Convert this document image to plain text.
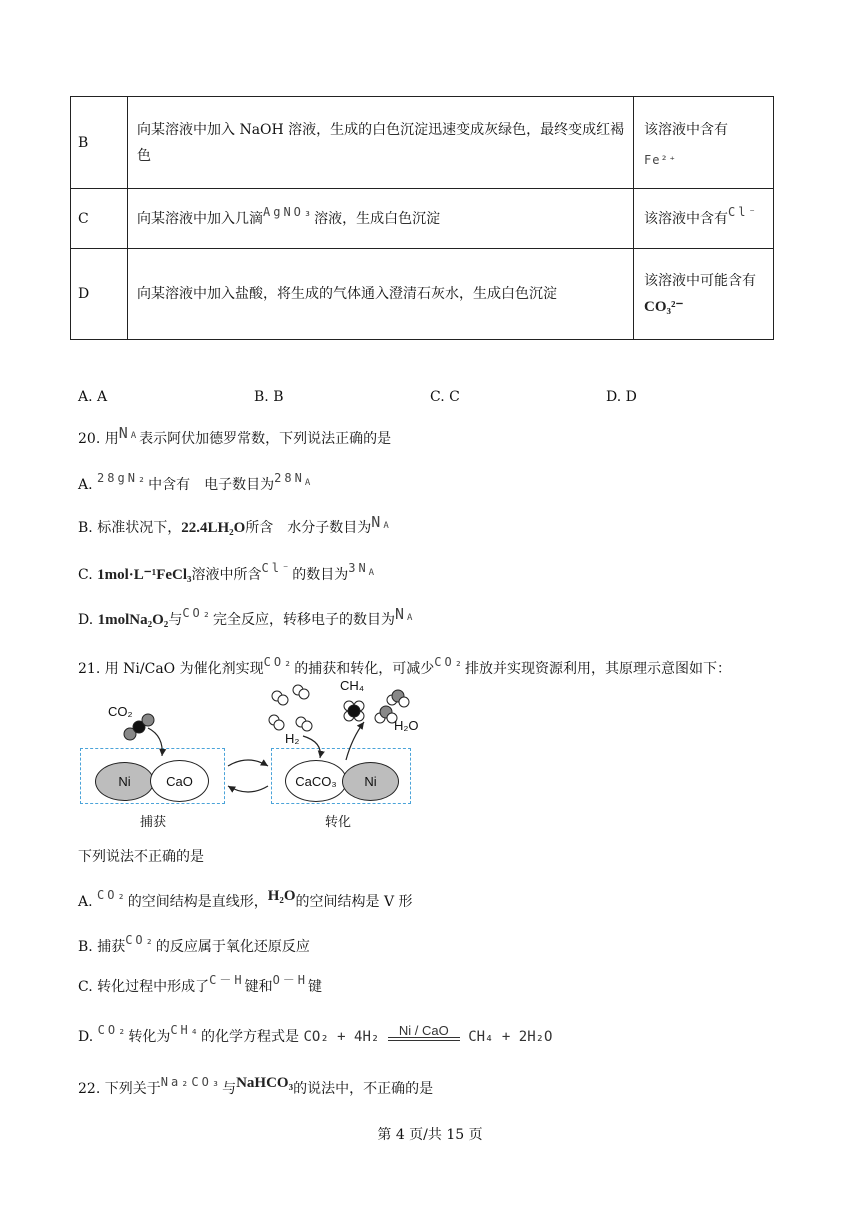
B	向某溶液中加入 NaOH 溶液，生成的白色沉淀迅速变成灰绿色，最终变成红褐色	该溶液中含有
Fe²⁺

C	向某溶液中加入几滴AgNO₃溶液，生成白色沉淀	该溶液中含有Cl⁻
D	向某溶液中加入盐酸，将生成的气体通入澄清石灰水，生成白色沉淀	该溶液中可能含有
CO₃²⁻
A. A	B. B	C. C	D. D
20. 用$N^A$表示阿伏加德罗常数，下列说法正确的是
A. 28gN₂中含有　电子数目为$28N^A$
B. 标准状况下，22.4LH₂O所含　水分子数目为$N^A$
C. 1mol·L⁻¹FeCl₃溶液中所含Cl⁻的数目为$3N^A$
D. 1molNa₂O₂与CO₂完全反应，转移电子的数目为$N^A$
21. 用 Ni/CaO 为催化剂实现CO₂的捕获和转化，可减少CO₂排放并实现资源利用，其原理示意图如下：
Ni	CaO	CaCO₃	Ni
CO₂
H₂
CH₄
H₂O
捕获	转化
下列说法不正确的是
A. CO₂的空间结构是直线形，H₂O的空间结构是 V 形
B. 捕获CO₂的反应属于氧化还原反应
C. 转化过程中形成了C－H键和O－H键
D. CO₂转化为CH₄的化学方程式是 CO₂ + 4H₂	Ni / CaO	CH₄ + 2H₂O
22. 下列关于Na₂CO₃与NaHCO₃的说法中，不正确的是
第 4 页/共 15 页
